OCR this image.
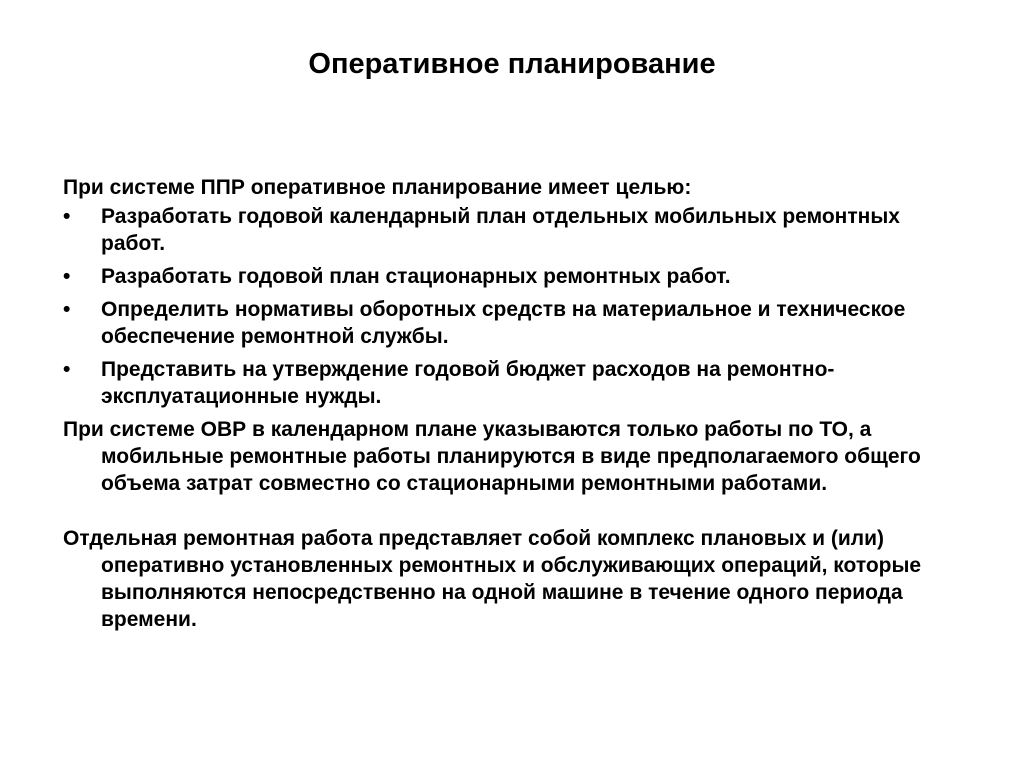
Оперативное планирование

При системе ППР оперативное планирование имеет целью:

•	Разработать годовой календарный план отдельных мобильных ремонтных работ.
•	Разработать годовой план стационарных ремонтных работ.
•	Определить нормативы оборотных средств на материальное и техническое обеспечение ремонтной службы.
•	Представить на утверждение годовой бюджет расходов на ремонтно-эксплуатационные нужды.

При системе ОВР в календарном плане указываются только работы по ТО, а мобильные ремонтные работы планируются в виде предполагаемого общего объема затрат совместно со стационарными ремонтными работами.

Отдельная ремонтная работа представляет собой комплекс плановых и (или) оперативно установленных ремонтных и обслуживающих операций, которые выполняются непосредственно на одной машине в течение одного периода времени.
